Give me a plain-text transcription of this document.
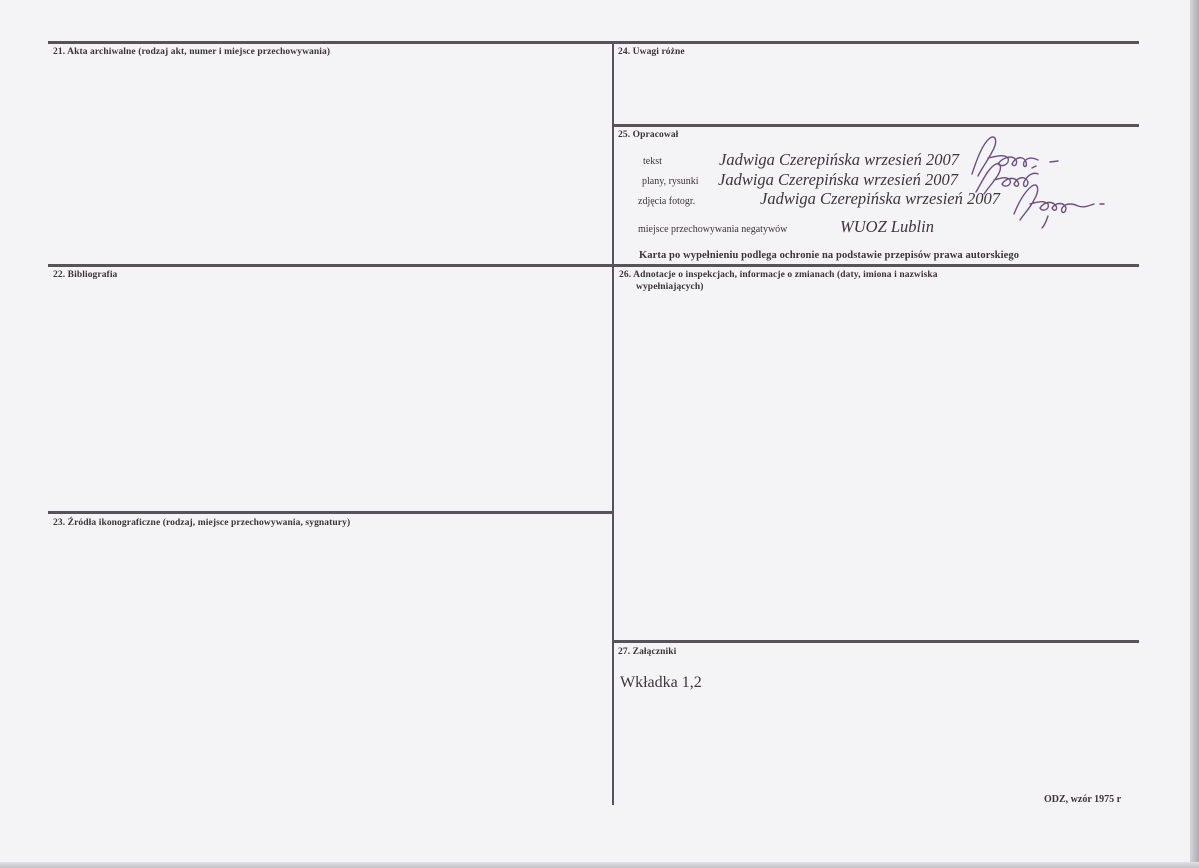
21. Akta archiwalne (rodzaj akt, numer i miejsce przechowywania)
22. Bibliografia
23. Źródła ikonograficzne (rodzaj, miejsce przechowywania, sygnatury)
24. Uwagi różne
25. Opracował
26. Adnotacje o inspekcjach, informacje o zmianach (daty, imiona i nazwiska
wypełniających)
27. Załączniki
tekst	Jadwiga Czerepińska wrzesień 2007
plany, rysunki Jadwiga Czerepińska wrzesień 2007
zdjęcia fotogr.	Jadwiga Czerepińska wrzesień 2007
miejsce przechowywania negatywów	WUOZ Lublin
Karta po wypełnieniu podlega ochronie na podstawie przepisów prawa autorskiego
Wkładka 1,2
ODZ, wzór 1975 r
